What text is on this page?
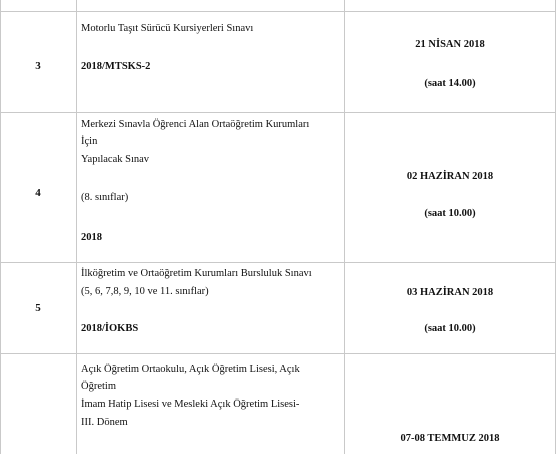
3
Motorlu Taşıt Sürücü Kursiyerleri Sınavı
2018/MTSKS-2
21 NİSAN 2018
(saat 14.00)
4
Merkezi Sınavla Öğrenci Alan Ortaöğretim Kurumları
İçin
Yapılacak Sınav
(8. sınıflar)
2018
02 HAZİRAN 2018
(saat 10.00)
5
İlköğretim ve Ortaöğretim Kurumları Bursluluk Sınavı
(5, 6, 7,8, 9, 10 ve 11. sınıflar)
2018/İOKBS
03 HAZİRAN 2018
(saat 10.00)
Açık Öğretim Ortaokulu, Açık Öğretim Lisesi, Açık
Öğretim
İmam Hatip Lisesi ve Mesleki Açık Öğretim Lisesi-
III. Dönem
07-08 TEMMUZ 2018
